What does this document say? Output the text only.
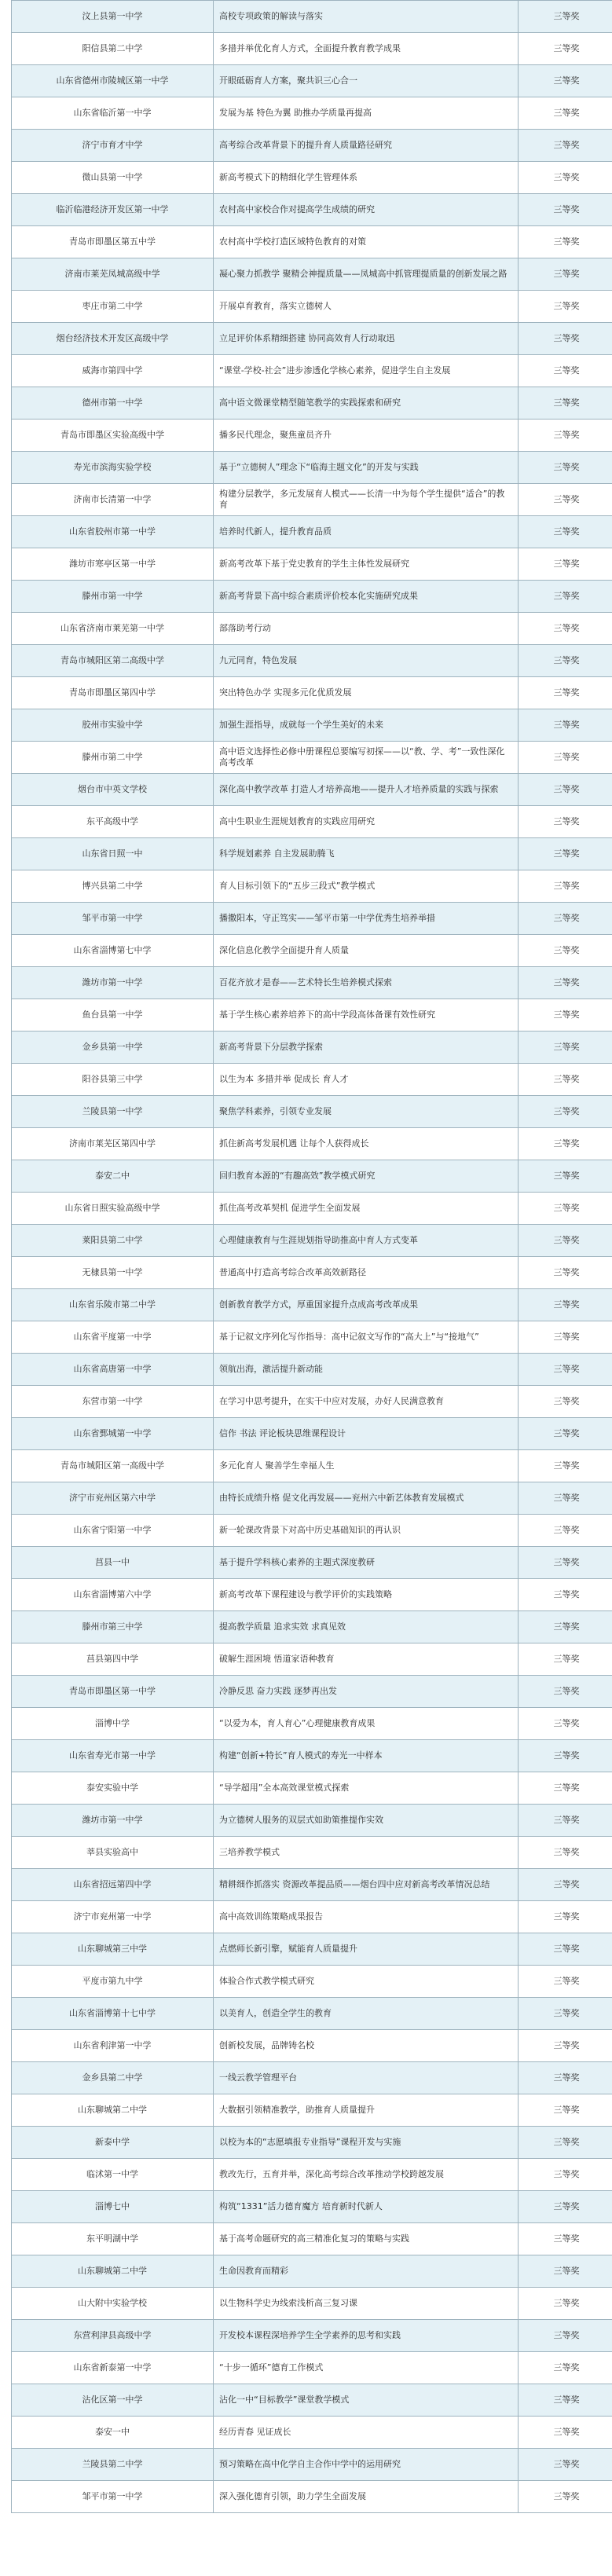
汶上县第一中学	高校专项政策的解读与落实	三等奖
阳信县第二中学	多措并举优化育人方式，全面提升教育教学成果	三等奖
山东省德州市陵城区第一中学	开眼砥砺育人方案，聚共识三心合一	三等奖
山东省临沂第一中学	发展为基 特色为翼 助推办学质量再提高	三等奖
济宁市育才中学	高考综合改革背景下的提升育人质量路径研究	三等奖
微山县第一中学	新高考模式下的精细化学生管理体系	三等奖
临沂临港经济开发区第一中学	农村高中家校合作对提高学生成绩的研究	三等奖
青岛市即墨区第五中学	农村高中学校打造区域特色教育的对策	三等奖
济南市莱芜凤城高级中学	凝心聚力抓教学 聚精会神提质量——凤城高中抓管理提质量的创新发展之路	三等奖
枣庄市第二中学	开展卓育教育，落实立德树人	三等奖
烟台经济技术开发区高级中学	立足评价体系精细搭建 协同高效育人行动取迅	三等奖
威海市第四中学	“课堂-学校-社会”进步渗透化学核心素养，促进学生自主发展	三等奖
德州市第一中学	高中语文微课堂精型随笔教学的实践探索和研究	三等奖
青岛市即墨区实验高级中学	播多民代理念，聚焦童员齐升	三等奖
寿光市滨海实验学校	基于“立德树人”理念下“临海主题文化”的开发与实践	三等奖
济南市长清第一中学	构建分层教学，多元发展育人模式——长清一中为每个学生提供“适合”的教育	三等奖
山东省胶州市第一中学	培养时代新人，提升教育品质	三等奖
潍坊市寒亭区第一中学	新高考改革下基于党史教育的学生主体性发展研究	三等奖
滕州市第一中学	新高考背景下高中综合素质评价校本化实施研究成果	三等奖
山东省济南市莱芜第一中学	部落助考行动	三等奖
青岛市城阳区第二高级中学	九元同育，特色发展	三等奖
青岛市即墨区第四中学	突出特色办学 实现多元化优质发展	三等奖
胶州市实验中学	加强生涯指导，成就每一个学生美好的未来	三等奖
滕州市第二中学	高中语文选择性必修中册课程总要编写初探——以“教、学、考”一致性深化高考改革	三等奖
烟台市中英文学校	深化高中教学改革 打造人才培养高地——提升人才培养质量的实践与探索	三等奖
东平高级中学	高中生职业生涯规划教育的实践应用研究	三等奖
山东省日照一中	科学规划素养 自主发展助腾飞	三等奖
博兴县第二中学	育人目标引领下的“五步三段式”教学模式	三等奖
邹平市第一中学	播撒阳本，守正笃实——邹平市第一中学优秀生培养举措	三等奖
山东省淄博第七中学	深化信息化教学全面提升育人质量	三等奖
潍坊市第一中学	百花齐放才是春——艺术特长生培养模式探索	三等奖
鱼台县第一中学	基于学生核心素养培养下的高中学段高体备课有效性研究	三等奖
金乡县第一中学	新高考背景下分层教学探索	三等奖
阳谷县第三中学	以生为本 多措并举 促成长 育人才	三等奖
兰陵县第一中学	聚焦学科素养，引领专业发展	三等奖
济南市莱芜区第四中学	抓住新高考发展机遇 让每个人获得成长	三等奖
泰安二中	回归教育本源的“有趣高效”教学模式研究	三等奖
山东省日照实验高级中学	抓住高考改革契机 促进学生全面发展	三等奖
莱阳县第二中学	心理健康教育与生涯规划指导助推高中育人方式变革	三等奖
无棣县第一中学	普通高中打造高考综合改革高效新路径	三等奖
山东省乐陵市第二中学	创新教育教学方式，厚重国家提升点成高考改革成果	三等奖
山东省平度第一中学	基于记叙文序列化写作指导：高中记叙文写作的“高大上”与“接地气”	三等奖
山东省高唐第一中学	领航出海，激活提升新动能	三等奖
东营市第一中学	在学习中思考提升，在实干中应对发展，办好人民满意教育	三等奖
山东省鄄城第一中学	信作 书法 评论板块思维课程设计	三等奖
青岛市城阳区第一高级中学	多元化育人 聚善学生幸福人生	三等奖
济宁市兖州区第六中学	由特长成绩升格 促文化再发展——兖州六中新艺体教育发展模式	三等奖
山东省宁阳第一中学	新一轮课改背景下对高中历史基础知识的再认识	三等奖
莒县一中	基于提升学科核心素养的主题式深度教研	三等奖
山东省淄博第六中学	新高考改革下课程建设与教学评价的实践策略	三等奖
滕州市第三中学	提高教学质量 追求实效 求真见效	三等奖
莒县第四中学	破解生涯困境 悟道家语种教育	三等奖
青岛市即墨区第一中学	冷静反思 奋力实践 逐梦再出发	三等奖
淄博中学	“以爱为本，育人育心”心理健康教育成果	三等奖
山东省寿光市第一中学	构建“创新+特长”育人模式的寿光一中样本	三等奖
泰安实验中学	“导学超用”全本高效课堂模式探索	三等奖
潍坊市第一中学	为立德树人服务的双层式如助策推提作实效	三等奖
莘县实验高中	三培养教学模式	三等奖
山东省招远第四中学	精耕细作抓落实 资源改革提品质——烟台四中应对新高考改革情况总结	三等奖
济宁市兖州第一中学	高中高效训练策略成果报告	三等奖
山东聊城第三中学	点燃师长新引擎，赋能育人质量提升	三等奖
平度市第九中学	体验合作式教学模式研究	三等奖
山东省淄博第十七中学	以美育人，创造全学生的教育	三等奖
山东省利津第一中学	创新校发展，品牌铸名校	三等奖
金乡县第二中学	一线云教学管理平台	三等奖
山东聊城第二中学	大数据引领精准教学，助推育人质量提升	三等奖
新泰中学	以校为本的“志愿填报专业指导”课程开发与实施	三等奖
临沭第一中学	教改先行，五育并举，深化高考综合改革推动学校跨越发展	三等奖
淄博七中	构筑“1331”活力德育魔方 培育新时代新人	三等奖
东平明湖中学	基于高考命题研究的高三精准化复习的策略与实践	三等奖
山东聊城第二中学	生命因教育而精彩	三等奖
山大附中实验学校	以生物科学史为线索浅析高三复习课	三等奖
东营利津县高级中学	开发校本课程深培养学生全学素养的思考和实践	三等奖
山东省新泰第一中学	“十步一循环”德育工作模式	三等奖
沾化区第一中学	沾化一中“目标教学”课堂教学模式	三等奖
泰安一中	经历青春 见证成长	三等奖
兰陵县第二中学	预习策略在高中化学自主合作中学中的运用研究	三等奖
邹平市第一中学	深入强化德育引领，助力学生全面发展	三等奖
